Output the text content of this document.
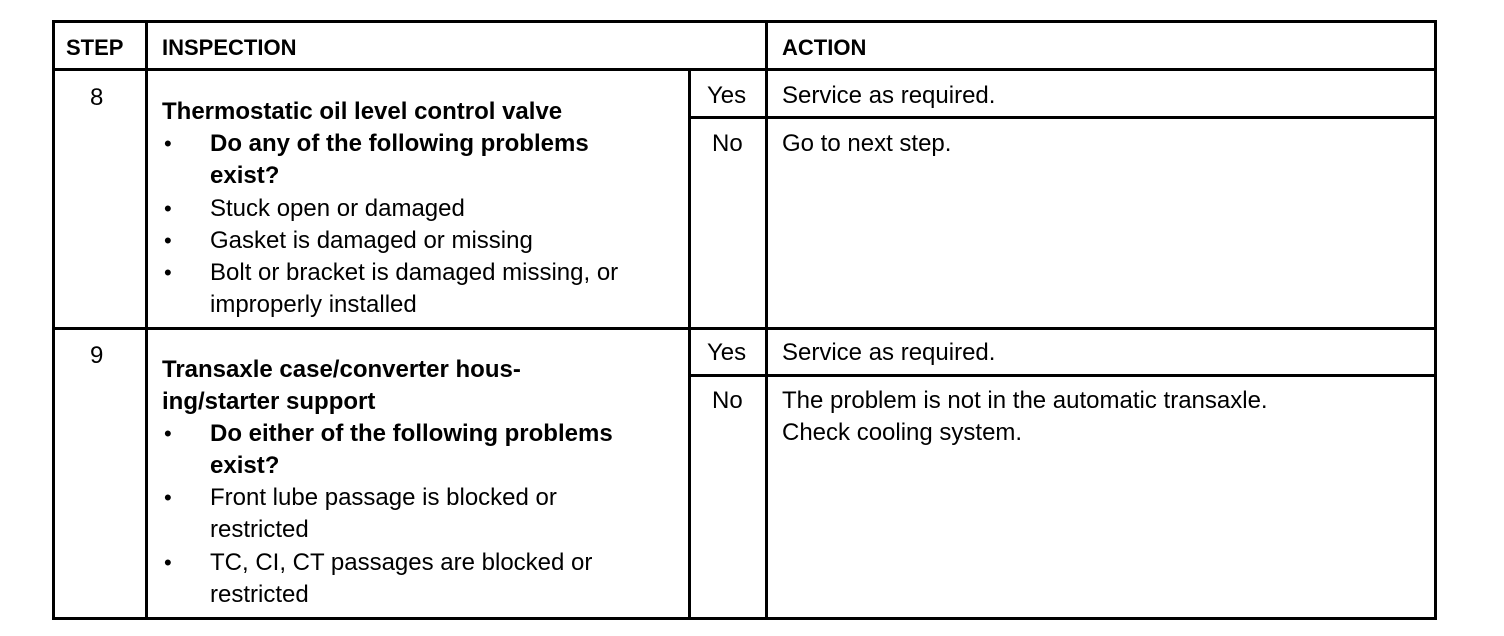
STEP INSPECTION	ACTION
8
Thermostatic oil level control valve
• Do any of the following problems
exist?
• Stuck open or damaged
• Gasket is damaged or missing
• Bolt or bracket is damaged missing, or
improperly installed
Yes Service as required.
No Go to next step.
9
Transaxle case/converter hous-
ing/starter support
• Do either of the following problems
exist?
• Front lube passage is blocked or
restricted
• TC, CI, CT passages are blocked or
restricted
Yes Service as required.
No The problem is not in the automatic transaxle.
Check cooling system.
